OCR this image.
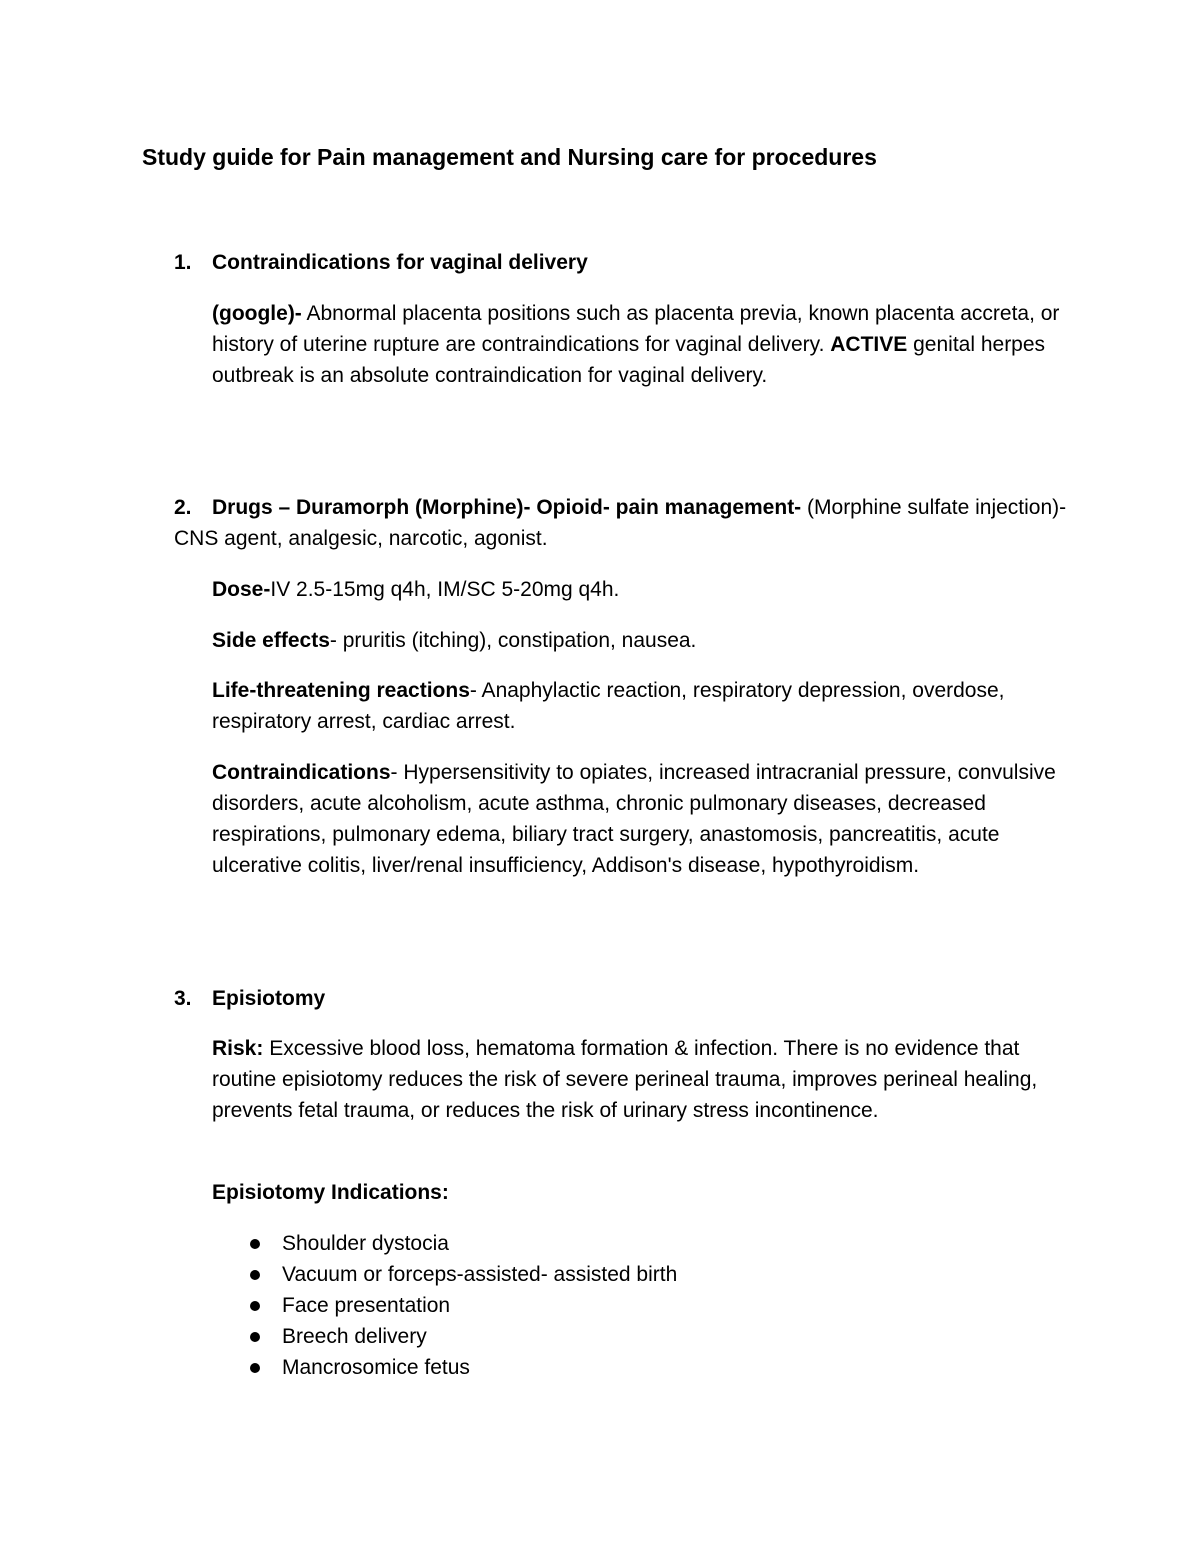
Study guide for Pain management and Nursing care for procedures
1. Contraindications for vaginal delivery
(google)- Abnormal placenta positions such as placenta previa, known placenta accreta, or history of uterine rupture are contraindications for vaginal delivery. ACTIVE genital herpes outbreak is an absolute contraindication for vaginal delivery.
2. Drugs – Duramorph (Morphine)- Opioid- pain management- (Morphine sulfate injection)- CNS agent, analgesic, narcotic, agonist.
Dose-IV 2.5-15mg q4h, IM/SC 5-20mg q4h.
Side effects- pruritis (itching), constipation, nausea.
Life-threatening reactions- Anaphylactic reaction, respiratory depression, overdose, respiratory arrest, cardiac arrest.
Contraindications- Hypersensitivity to opiates, increased intracranial pressure, convulsive disorders, acute alcoholism, acute asthma, chronic pulmonary diseases, decreased respirations, pulmonary edema, biliary tract surgery, anastomosis, pancreatitis, acute ulcerative colitis, liver/renal insufficiency, Addison's disease, hypothyroidism.
3. Episiotomy
Risk: Excessive blood loss, hematoma formation & infection. There is no evidence that routine episiotomy reduces the risk of severe perineal trauma, improves perineal healing, prevents fetal trauma, or reduces the risk of urinary stress incontinence.
Episiotomy Indications:
Shoulder dystocia
Vacuum or forceps-assisted- assisted birth
Face presentation
Breech delivery
Mancrosomice fetus
